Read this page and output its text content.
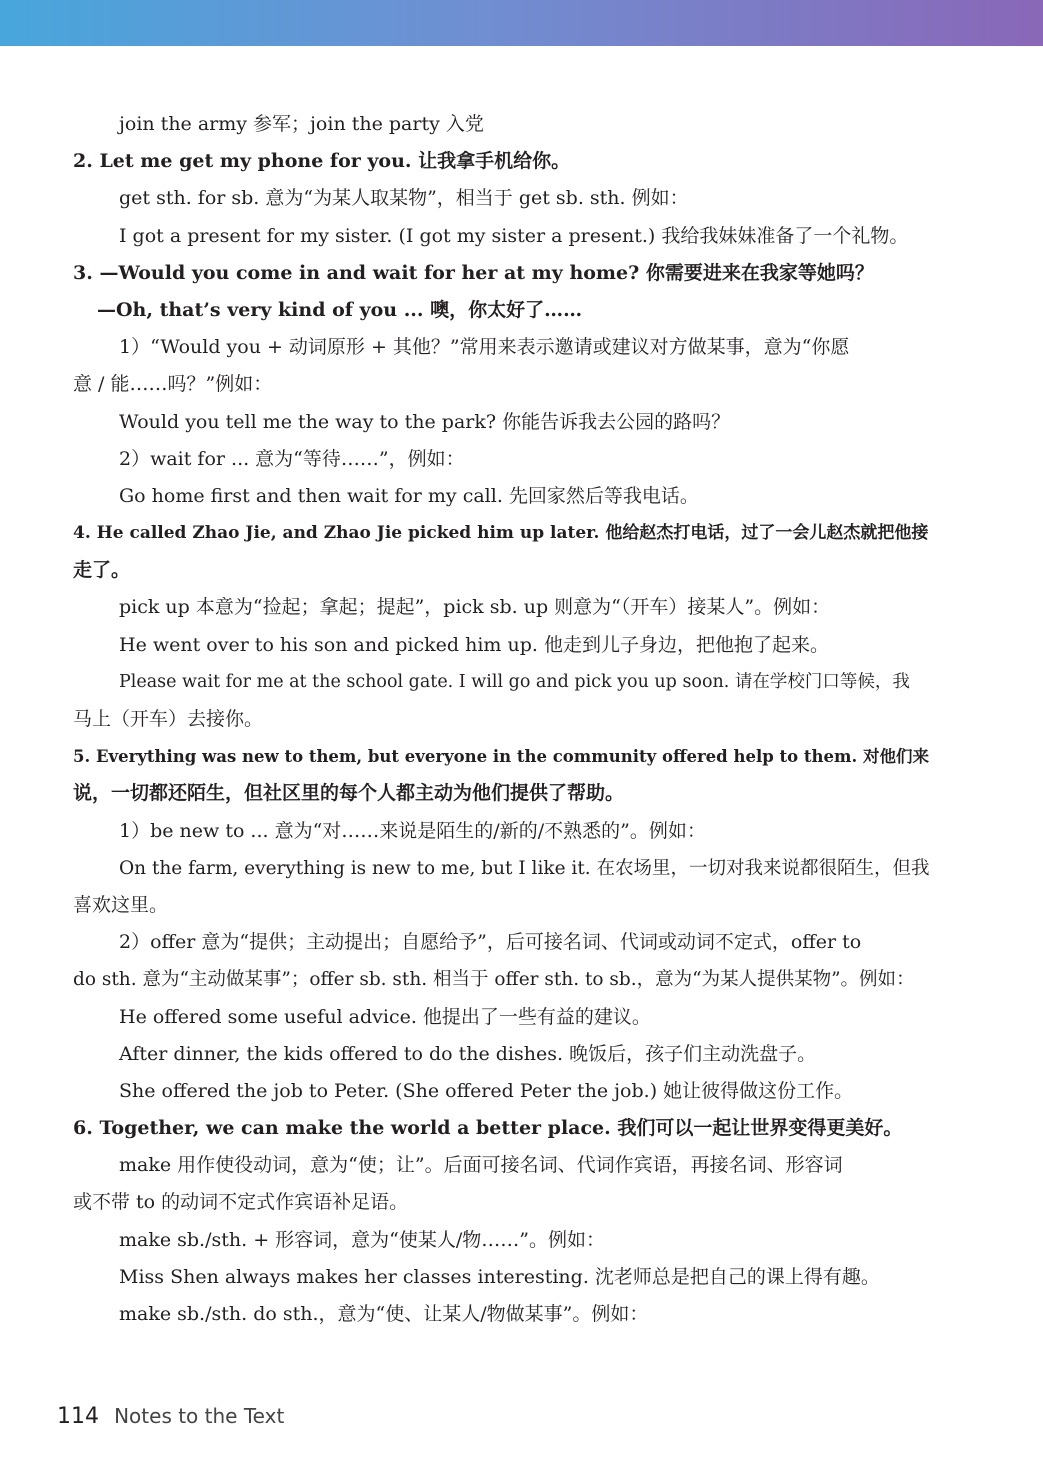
join the army 参军；join the party 入党
2. Let me get my phone for you. 让我拿手机给你。
get sth. for sb. 意为“为某人取某物”，相当于 get sb. sth. 例如：
I got a present for my sister. (I got my sister a present.) 我给我妹妹准备了一个礼物。
3. —Would you come in and wait for her at my home? 你需要进来在我家等她吗？
—Oh, that’s very kind of you ... 噢，你太好了……
1）“Would you + 动词原形 + 其他？”常用来表示邀请或建议对方做某事，意为“你愿
意 / 能……吗？”例如：
Would you tell me the way to the park? 你能告诉我去公园的路吗？
2）wait for ... 意为“等待……”，例如：
Go home first and then wait for my call. 先回家然后等我电话。
4. He called Zhao Jie, and Zhao Jie picked him up later. 他给赵杰打电话，过了一会儿赵杰就把他接
走了。
pick up 本意为“捡起；拿起；提起”，pick sb. up 则意为“（开车）接某人”。例如：
He went over to his son and picked him up. 他走到儿子身边，把他抱了起来。
Please wait for me at the school gate. I will go and pick you up soon. 请在学校门口等候，我
马上（开车）去接你。
5. Everything was new to them, but everyone in the community offered help to them. 对他们来
说，一切都还陌生，但社区里的每个人都主动为他们提供了帮助。
1）be new to ... 意为“对……来说是陌生的/新的/不熟悉的”。例如：
On the farm, everything is new to me, but I like it. 在农场里，一切对我来说都很陌生，但我
喜欢这里。
2）offer 意为“提供；主动提出；自愿给予”，后可接名词、代词或动词不定式，offer to
do sth. 意为“主动做某事”；offer sb. sth. 相当于 offer sth. to sb.，意为“为某人提供某物”。例如：
He offered some useful advice. 他提出了一些有益的建议。
After dinner, the kids offered to do the dishes. 晚饭后，孩子们主动洗盘子。
She offered the job to Peter. (She offered Peter the job.) 她让彼得做这份工作。
6. Together, we can make the world a better place. 我们可以一起让世界变得更美好。
make 用作使役动词，意为“使；让”。后面可接名词、代词作宾语，再接名词、形容词
或不带 to 的动词不定式作宾语补足语。
make sb./sth. + 形容词，意为“使某人/物……”。例如：
Miss Shen always makes her classes interesting. 沈老师总是把自己的课上得有趣。
make sb./sth. do sth.，意为“使、让某人/物做某事”。例如：
114 Notes to the Text
